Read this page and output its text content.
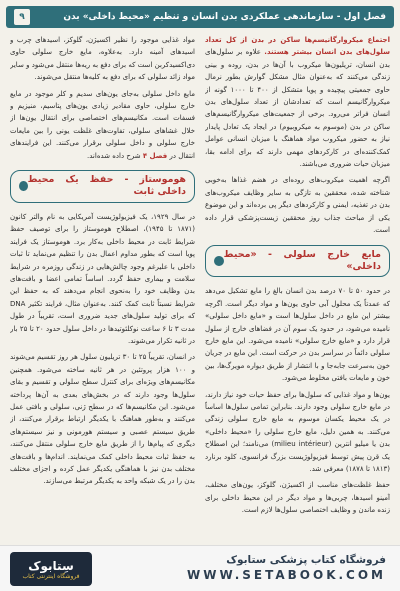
فصل اول - سازماندهی عملکردی بدن انسان و تنظیم «محیط داخلی» بدن
۹

اجتماع میکروارگانیسم‌ها ساکن در بدن از کل تعداد سلول‌های بدن انسان بیشتر هستند. علاوه بر سلول‌های بدن انسان، تریلیون‌ها میکروب با آن‌ها در بدن، روده و بینی زندگی می‌کنند که به‌عنوان مثال مشکل گوارش بطور نرمال حاوی جمعیتی پیچیده و پویا متشکل از ۴۰۰ تا ۱۰۰۰ گونه از میکروارگانیسم است که تعدادشان از تعداد سلول‌های بدن انسان فراتر می‌رود. برخی از جمعیت‌های میکروارگانیسم‌های ساکن در بدن (موسوم به میکروبیوم) در ایجاد یک تعادل پایدار نیاز به حضور میکروب مواد هماهنگ با میزبان انسانی عوامل کمک‌کننده‌ای در کارکردهای مهمی دارند که برای ادامه بقا، میزبان حیات ضروری می‌باشند.

اگرچه اهمیت میکروب‌های روده‌ای در هضم غذاها به‌خوبی شناخته شده، محققین به تازگی به سایر وظایف میکروب‌های بدن در تغذیه، ایمنی و کارکردهای دیگر پی برده‌اند و این موضوع یکی از مباحث جذاب روز محققین زیست‌پزشکی قرار داده است.

مایع خارج سلولی - «محیط داخلی»

در حدود ۵۰ تا ۷۰ درصد بدن انسان بالغ را مایع تشکیل می‌دهد که عمدتاً یک محلول آبی حاوی یون‌ها و مواد دیگر است. اگرچه بیشتر این مایع در داخل سلول‌ها است و «مایع داخل سلولی» نامیده می‌شود، در حدود یک سوم آن در فضاهای خارج از سلول قرار دارد و «مایع خارج سلولی» نامیده می‌شود. این مایع خارج سلولی دائماً در سراسر بدن در حرکت است. این مایع در جریان خون به‌سرعت جابه‌جا و با انتشار از طریق دیواره مویرگ‌ها، بین خون و مایعات بافتی مخلوط می‌شود.

یون‌ها و مواد غذایی که سلول‌ها برای حفظ حیات خود نیاز دارند، در مایع خارج سلولی وجود دارند. بنابراین تمامی سلول‌ها اساساً در یک محیط یکسان موسوم به مایع خارج سلولی زندگی می‌کنند. به همین دلیل، مایع خارج سلولی را «محیط داخلی» بدن یا میلیو انترین (milieu intérieur) می‌نامند؛ این اصطلاح یک قرن پیش توسط فیزیولوژیست بزرگ فرانسوی، کلود برنارد (۱۸۱۳ تا ۱۸۷۸) معرفی شد.

حفظ غلظت‌های مناسب از اکسیژن، گلوکز، یون‌های مختلف، آمینو اسیدها، چربی‌ها و مواد دیگر در این محیط داخلی برای زنده ماندن و وظایف اختصاصی سلول‌ها لازم است.

مواد غذایی موجود را نظیر اکسیژن، گلوکز، اسیدهای چرب و اسیدهای آمینه دارد. به‌علاوه، مایع خارج سلولی حاوی دی‌اکسیدکربن است که برای دفع به ریه‌ها منتقل می‌شود و سایر مواد زائد سلولی که برای دفع به کلیه‌ها منتقل می‌شوند.

مایع داخل سلولی به‌جای یون‌های سدیم و کلر موجود در مایع خارج سلولی، حاوی مقادیر زیادی یون‌های پتاسیم، منیزیم و فسفات است. مکانیسم‌های اختصاصی برای انتقال یون‌ها از خلال غشاهای سلولی، تفاوت‌های غلظت یونی را بین مایعات خارج سلولی و داخل سلولی برقرار می‌کنند. این فرایندهای انتقال در فصل ۴ شرح داده شده‌اند.

هوموستاز - حفظ یک محیط داخلی ثابت

در سال ۱۹۲۹، یک فیزیولوژیست آمریکایی به نام والتر کانون (۱۸۷۱ تا ۱۹۴۵)، اصطلاح هوموستاز را برای توصیف حفظ شرایط ثابت در محیط داخلی به‌کار برد. هوموستاز یک فرایند پویا است که بطور مداوم اعمال بدن را تنظیم می‌نماید تا ثبات داخلی با علیرغم وجود چالش‌هایی در زندگی روزمره در شرایط سلامت و بیماری حفظ گردد. اساساً تمامی اعضا و بافت‌های بدن وظایف خود را به‌نحوی انجام می‌دهند که به حفظ این شرایط نسبتاً ثابت کمک کنند. به‌عنوان مثال، فرایند تکثیر DNA که برای تولید سلول‌های جدید ضروری است، تقریباً در طول مدت ۳ تا ۶ ساعت نوکلئوتیدها در داخل سلول حدود ۲۰ تا ۲۵ بار در ثانیه تکرار می‌شوند.

در انسان، تقریباً ۲۵ تا ۳۰ تریلیون سلول هر روز تقسیم می‌شوند و ۱۰۰ هزار پروتئین در هر ثانیه ساخته می‌شود. همچنین مکانیسم‌های ویژه‌ای برای کنترل سطح سلولی و تقسیم و بقای سلول‌ها وجود دارند که در بخش‌های بعدی به آن‌ها پرداخته می‌شود. این مکانیسم‌ها که در سطح ژنی، سلولی و بافتی عمل می‌کنند و به‌طور هماهنگ با یکدیگر ارتباط برقرار می‌کنند، از طریق سیستم عصبی و سیستم هورمونی و نیز سیستم‌های دیگری که پیام‌ها را از طریق مایع خارج سلولی منتقل می‌کنند، به حفظ ثبات محیط داخلی کمک می‌نمایند. اندام‌ها و بافت‌های مختلف بدن نیز با هماهنگی یکدیگر عمل کرده و اجزای مختلف بدن را در یک شبکه واحد به یکدیگر مرتبط می‌سازند.

فروشگاه کتاب پزشکی ستابوک
WWW.SETABOOK.COM
سِتابوک
فروشگاه اینترنتی کتاب
